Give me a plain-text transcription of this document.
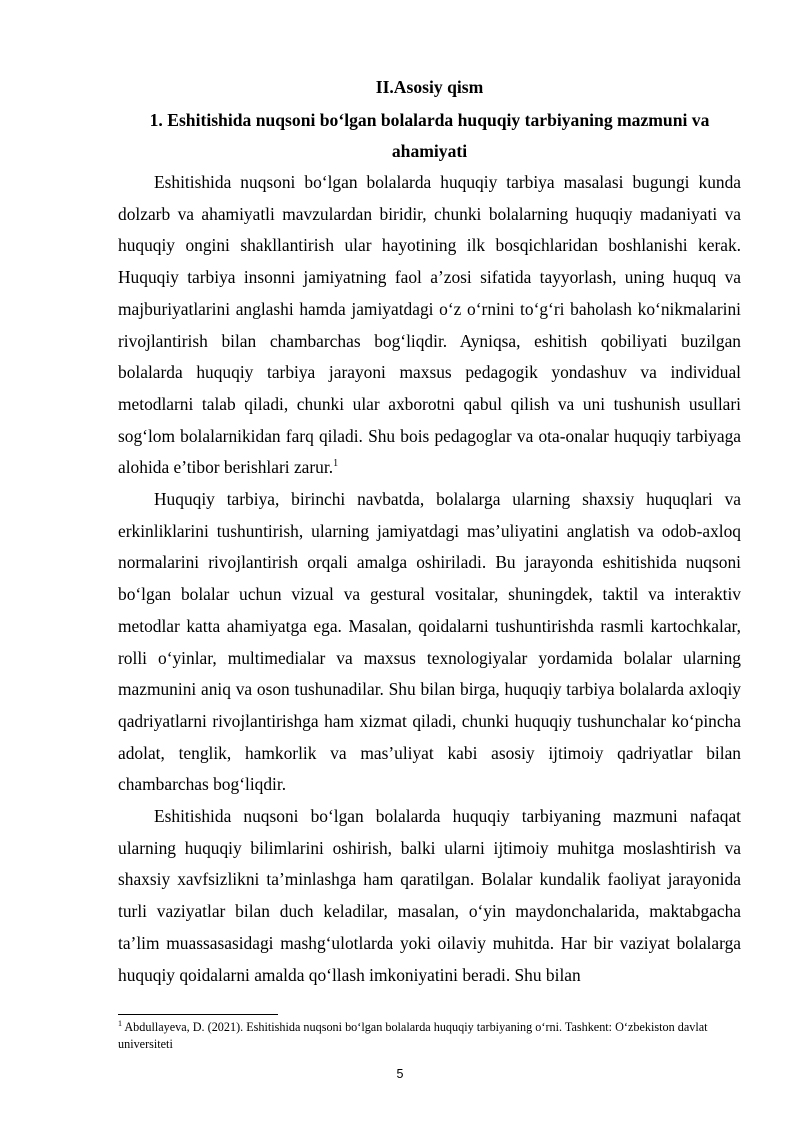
II.Asosiy qism

1. Eshitishida nuqsoni bo‘lgan bolalarda huquqiy tarbiyaning mazmuni va ahamiyati

Eshitishida nuqsoni bo‘lgan bolalarda huquqiy tarbiya masalasi bugungi kunda dolzarb va ahamiyatli mavzulardan biridir, chunki bolalarning huquqiy madaniyati va huquqiy ongini shakllantirish ular hayotining ilk bosqichlaridan boshlanishi kerak. Huquqiy tarbiya insonni jamiyatning faol a’zosi sifatida tayyorlash, uning huquq va majburiyatlarini anglashi hamda jamiyatdagi o‘z o‘rnini to‘g‘ri baholash ko‘nikmalarini rivojlantirish bilan chambarchas bog‘liqdir. Ayniqsa, eshitish qobiliyati buzilgan bolalarda huquqiy tarbiya jarayoni maxsus pedagogik yondashuv va individual metodlarni talab qiladi, chunki ular axborotni qabul qilish va uni tushunish usullari sog‘lom bolalarnikidan farq qiladi. Shu bois pedagoglar va ota-onalar huquqiy tarbiyaga alohida e’tibor berishlari zarur.$^1$

Huquqiy tarbiya, birinchi navbatda, bolalarga ularning shaxsiy huquqlari va erkinliklarini tushuntirish, ularning jamiyatdagi mas’uliyatini anglatish va odob-axloq normalarini rivojlantirish orqali amalga oshiriladi. Bu jarayonda eshitishida nuqsoni bo‘lgan bolalar uchun vizual va gestural vositalar, shuningdek, taktil va interaktiv metodlar katta ahamiyatga ega. Masalan, qoidalarni tushuntirishda rasmli kartochkalar, rolli o‘yinlar, multimedialar va maxsus texnologiyalar yordamida bolalar ularning mazmunini aniq va oson tushunadilar. Shu bilan birga, huquqiy tarbiya bolalarda axloqiy qadriyatlarni rivojlantirishga ham xizmat qiladi, chunki huquqiy tushunchalar ko‘pincha adolat, tenglik, hamkorlik va mas’uliyat kabi asosiy ijtimoiy qadriyatlar bilan chambarchas bog‘liqdir.

Eshitishida nuqsoni bo‘lgan bolalarda huquqiy tarbiyaning mazmuni nafaqat ularning huquqiy bilimlarini oshirish, balki ularni ijtimoiy muhitga moslashtirish va shaxsiy xavfsizlikni ta’minlashga ham qaratilgan. Bolalar kundalik faoliyat jarayonida turli vaziyatlar bilan duch keladilar, masalan, o‘yin maydonchalarida, maktabgacha ta’lim muassasasidagi mashg‘ulotlarda yoki oilaviy muhitda. Har bir vaziyat bolalarga huquqiy qoidalarni amalda qo‘llash imkoniyatini beradi. Shu bilan

$^1$ Abdullayeva, D. (2021). Eshitishida nuqsoni bo‘lgan bolalarda huquqiy tarbiyaning o‘rni. Tashkent: O‘zbekiston davlat universiteti

5
